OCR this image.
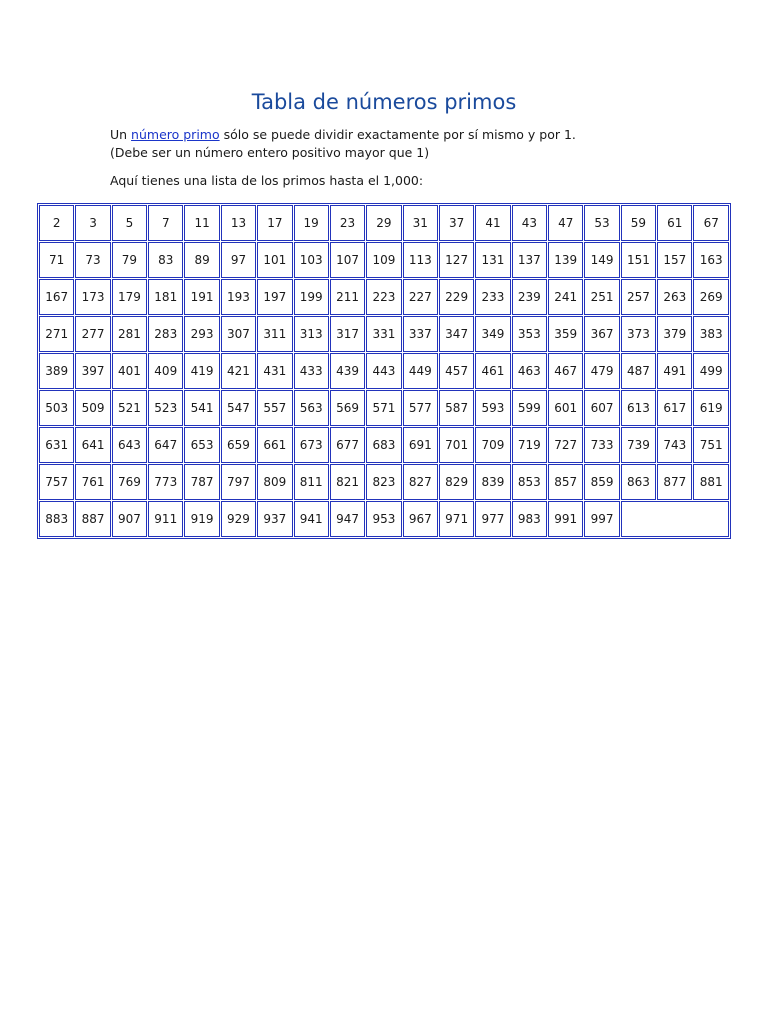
Tabla de números primos
Un número primo sólo se puede dividir exactamente por sí mismo y por 1.
(Debe ser un número entero positivo mayor que 1)
Aquí tienes una lista de los primos hasta el 1,000:
2	3	5	7	11	13	17	19	23	29	31	37	41	43	47	53	59	61	67
71	73	79	83	89	97	101	103	107	109	113	127	131	137	139	149	151	157	163
167	173	179	181	191	193	197	199	211	223	227	229	233	239	241	251	257	263	269
271	277	281	283	293	307	311	313	317	331	337	347	349	353	359	367	373	379	383
389	397	401	409	419	421	431	433	439	443	449	457	461	463	467	479	487	491	499
503	509	521	523	541	547	557	563	569	571	577	587	593	599	601	607	613	617	619
631	641	643	647	653	659	661	673	677	683	691	701	709	719	727	733	739	743	751
757	761	769	773	787	797	809	811	821	823	827	829	839	853	857	859	863	877	881
883	887	907	911	919	929	937	941	947	953	967	971	977	983	991	997			
